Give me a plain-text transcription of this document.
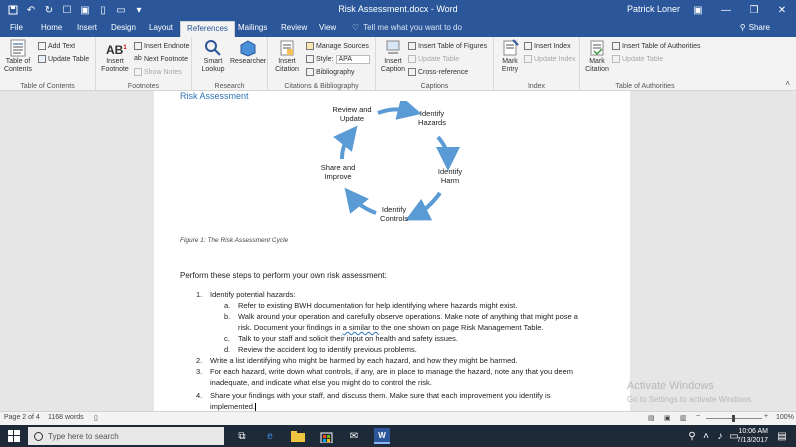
↶ ↻ ☐ ▣	▯	▭	▾	Risk Assessment.docx - Word	Patrick Loner	▣	—	❐	✕
File Home Insert Design Layout	References	Mailings Review View ♡ Tell me what you want to do	⚲ Share
Table of Contents
Add Text
Update Table
Table of Contents
$AB^1$
Insert Footnote
Insert Endnote
ab Next Footnote
Show Notes
Footnotes
Smart Lookup
Researcher
Research
Insert Citation
Manage Sources
Style: APA
Bibliography
Citations & Bibliography
Insert Caption
Insert Table of Figures
Update Table
Cross-reference
Captions
Mark Entry
Insert Index
Update Index
Index
Mark Citation
Insert Table of Authorities
Update Table
Table of Authorities	˄
Risk Assessment
Review and Update
Identify Hazards
Identify Harm
Identify Controls
Share and Improve
Figure 1: The Risk Assessment Cycle
Perform these steps to perform your own risk assessment:
1. Identify potential hazards:
a. Refer to existing BWH documentation for help identifying where hazards might exist.
b. Walk around your operation and carefully observe operations. Make note of anything that might pose a
risk. Document your findings in a similar to the one shown on page Risk Management Table.
c. Talk to your staff and solicit their input on health and safety issues.
d. Review the accident log to identify previous problems.
2. Write a list identifying who might be harmed by each hazard, and how they might be harmed.
3. For each hazard, write down what controls, if any, are in place to manage the hazard, note any that you deem
inadequate, and indicate what else you might do to control the risk.
4. Share your findings with your staff, and discuss them. Make sure that each improvement you identify is
implemented.
Activate Windows
Go to Settings to activate Windows.
Page 2 of 4 1168 words ▯	▤ ▣ ▥ −	+ 100%
Type here to search	⧉	e	✉	W	⚲ ˄ ♪ ▭ 10:06 AM
7/13/2017 ▤
